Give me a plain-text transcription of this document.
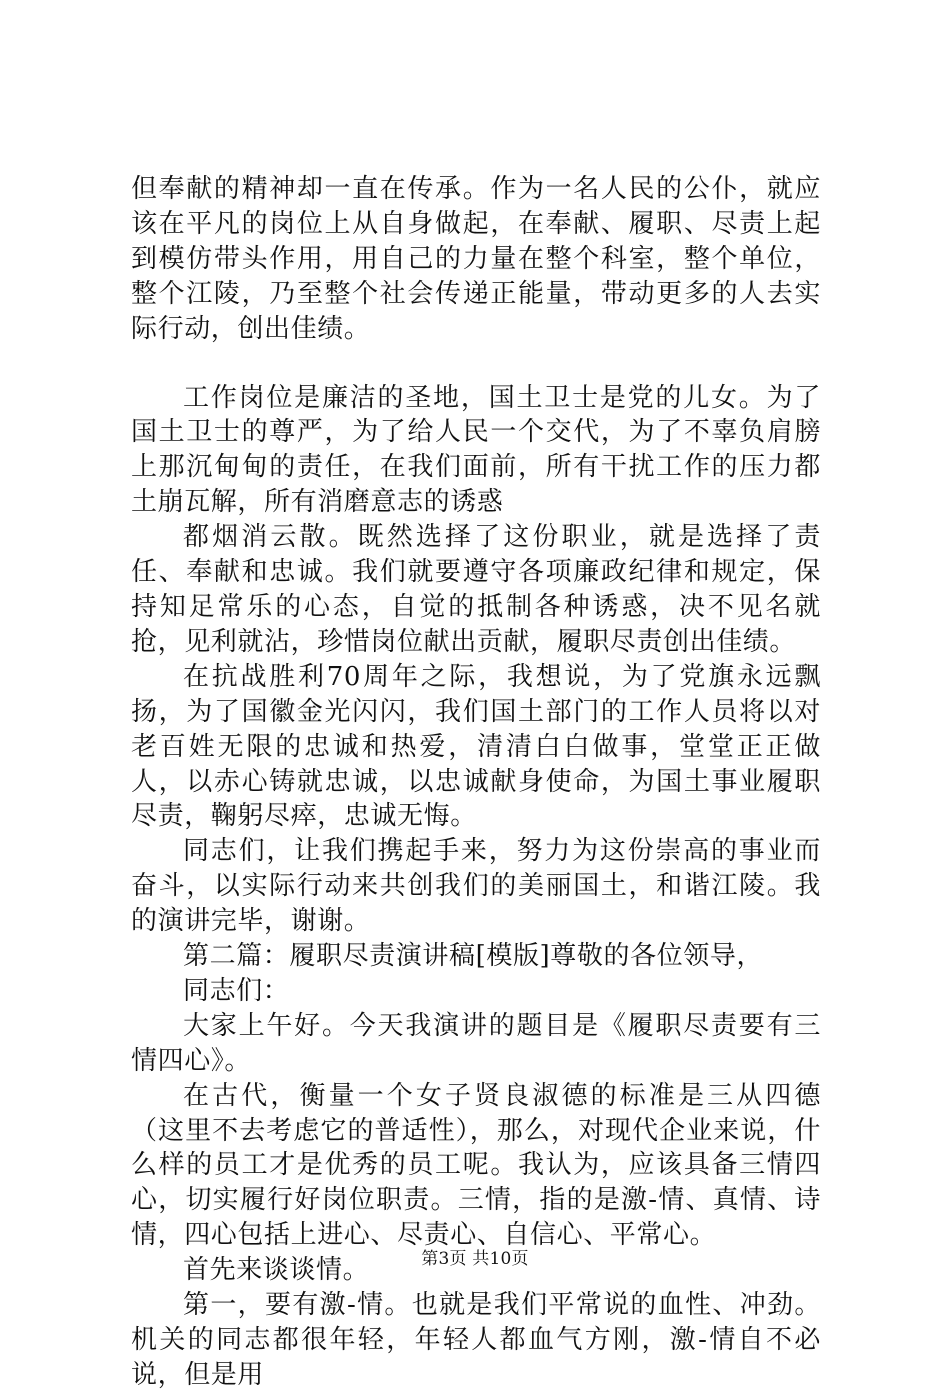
但奉献的精神却一直在传承。作为一名人民的公仆，就应该在平凡的岗位上从自身做起，在奉献、履职、尽责上起到模仿带头作用，用自己的力量在整个科室，整个单位，整个江陵，乃至整个社会传递正能量，带动更多的人去实际行动，创出佳绩。

工作岗位是廉洁的圣地，国土卫士是党的儿女。为了国土卫士的尊严，为了给人民一个交代，为了不辜负肩膀上那沉甸甸的责任，在我们面前，所有干扰工作的压力都土崩瓦解，所有消磨意志的诱惑

都烟消云散。既然选择了这份职业，就是选择了责任、奉献和忠诚。我们就要遵守各项廉政纪律和规定，保持知足常乐的心态，自觉的抵制各种诱惑，决不见名就抢，见利就沾，珍惜岗位献出贡献，履职尽责创出佳绩。

在抗战胜利70周年之际，我想说，为了党旗永远飘扬，为了国徽金光闪闪，我们国土部门的工作人员将以对老百姓无限的忠诚和热爱，清清白白做事，堂堂正正做人，以赤心铸就忠诚，以忠诚献身使命，为国土事业履职尽责，鞠躬尽瘁，忠诚无悔。

同志们，让我们携起手来，努力为这份崇高的事业而奋斗，以实际行动来共创我们的美丽国土，和谐江陵。我的演讲完毕，谢谢。

第二篇：履职尽责演讲稿[模版]尊敬的各位领导，

同志们：

大家上午好。今天我演讲的题目是《履职尽责要有三情四心》。

在古代，衡量一个女子贤良淑德的标准是三从四德（这里不去考虑它的普适性），那么，对现代企业来说，什么样的员工才是优秀的员工呢。我认为，应该具备三情四心，切实履行好岗位职责。三情，指的是激-情、真情、诗情，四心包括上进心、尽责心、自信心、平常心。

首先来谈谈情。

第一，要有激-情。也就是我们平常说的血性、冲劲。机关的同志都很年轻，年轻人都血气方刚，激-情自不必说，但是用

第3页 共10页
